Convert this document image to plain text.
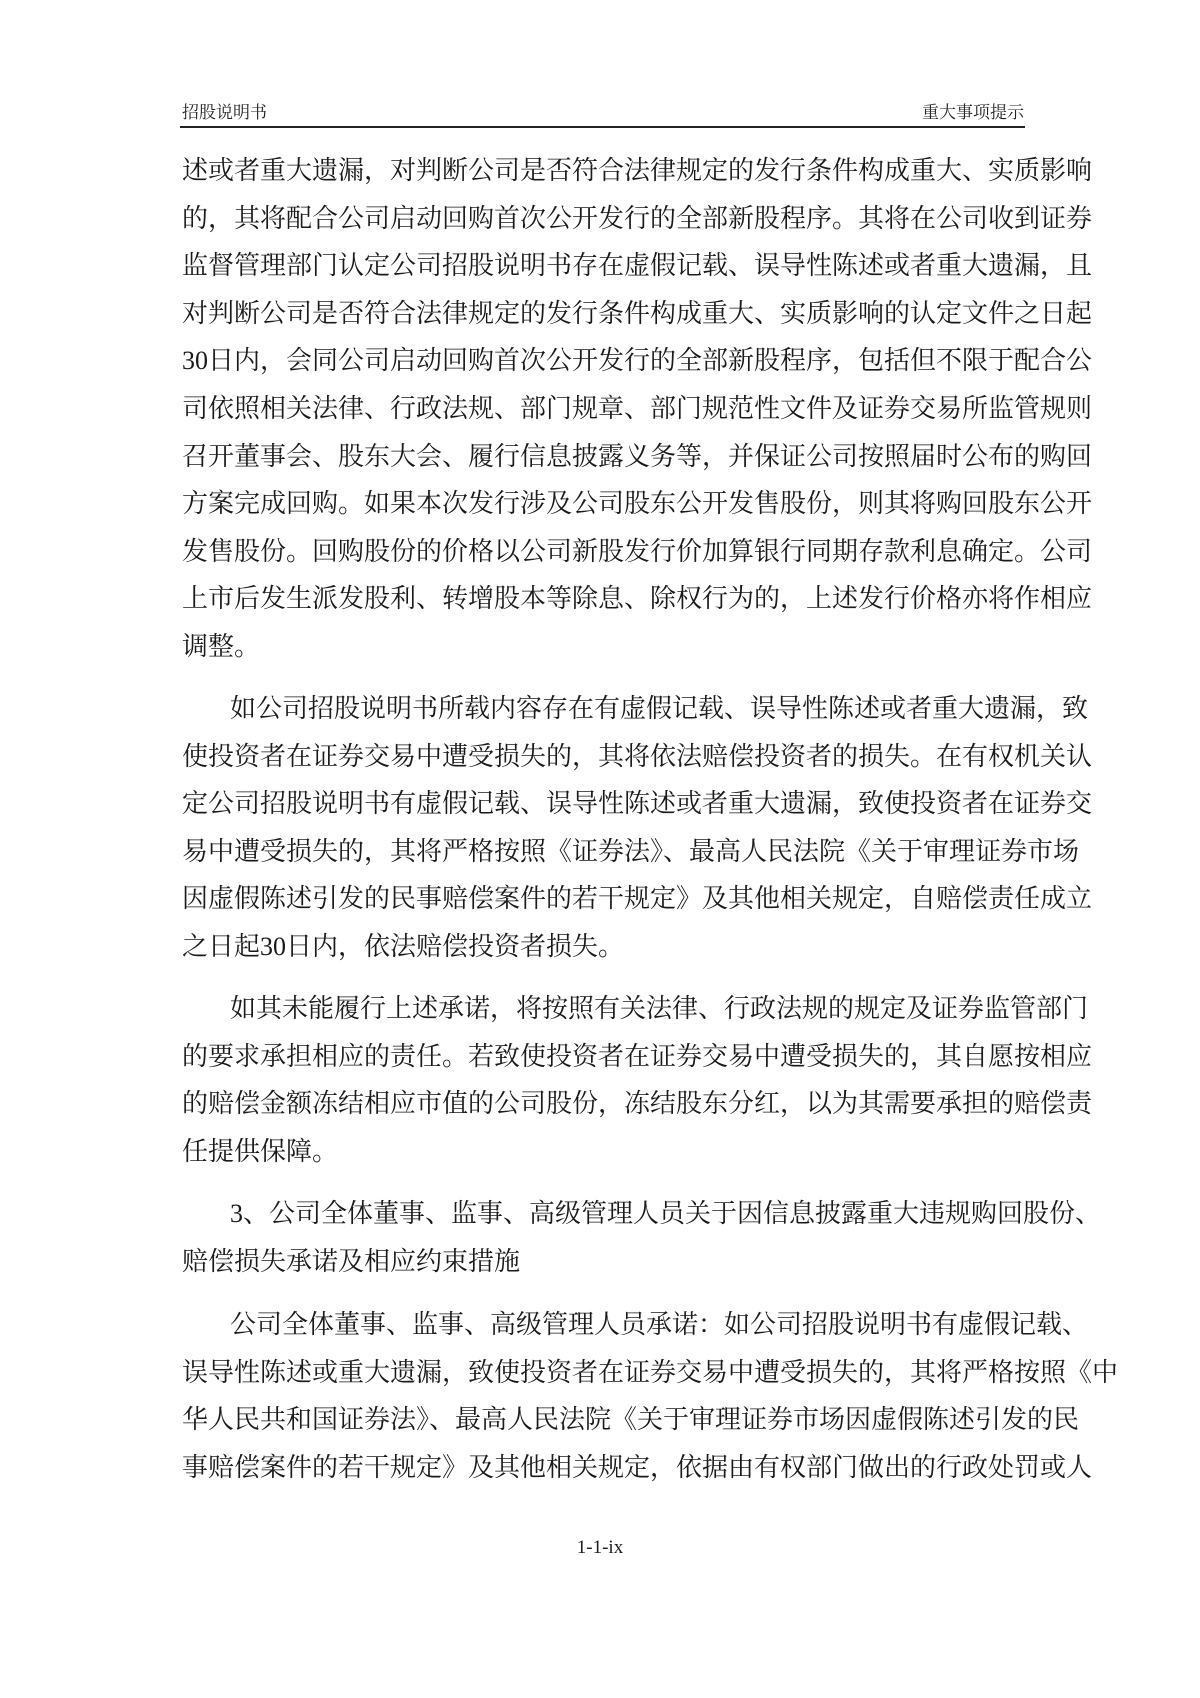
招股说明书	重大事项提示
述或者重大遗漏，对判断公司是否符合法律规定的发行条件构成重大、实质影响
的，其将配合公司启动回购首次公开发行的全部新股程序。其将在公司收到证券
监督管理部门认定公司招股说明书存在虚假记载、误导性陈述或者重大遗漏，且
对判断公司是否符合法律规定的发行条件构成重大、实质影响的认定文件之日起
30日内，会同公司启动回购首次公开发行的全部新股程序，包括但不限于配合公
司依照相关法律、行政法规、部门规章、部门规范性文件及证券交易所监管规则
召开董事会、股东大会、履行信息披露义务等，并保证公司按照届时公布的购回
方案完成回购。如果本次发行涉及公司股东公开发售股份，则其将购回股东公开
发售股份。回购股份的价格以公司新股发行价加算银行同期存款利息确定。公司
上市后发生派发股利、转增股本等除息、除权行为的，上述发行价格亦将作相应
调整。
如公司招股说明书所载内容存在有虚假记载、误导性陈述或者重大遗漏，致
使投资者在证券交易中遭受损失的，其将依法赔偿投资者的损失。在有权机关认
定公司招股说明书有虚假记载、误导性陈述或者重大遗漏，致使投资者在证券交
易中遭受损失的，其将严格按照《证券法》、最高人民法院《关于审理证券市场
因虚假陈述引发的民事赔偿案件的若干规定》及其他相关规定，自赔偿责任成立
之日起30日内，依法赔偿投资者损失。
如其未能履行上述承诺，将按照有关法律、行政法规的规定及证券监管部门
的要求承担相应的责任。若致使投资者在证券交易中遭受损失的，其自愿按相应
的赔偿金额冻结相应市值的公司股份，冻结股东分红，以为其需要承担的赔偿责
任提供保障。
3、公司全体董事、监事、高级管理人员关于因信息披露重大违规购回股份、
赔偿损失承诺及相应约束措施
公司全体董事、监事、高级管理人员承诺：如公司招股说明书有虚假记载、
误导性陈述或重大遗漏，致使投资者在证券交易中遭受损失的，其将严格按照《中
华人民共和国证券法》、最高人民法院《关于审理证券市场因虚假陈述引发的民
事赔偿案件的若干规定》及其他相关规定，依据由有权部门做出的行政处罚或人
1-1-ix
